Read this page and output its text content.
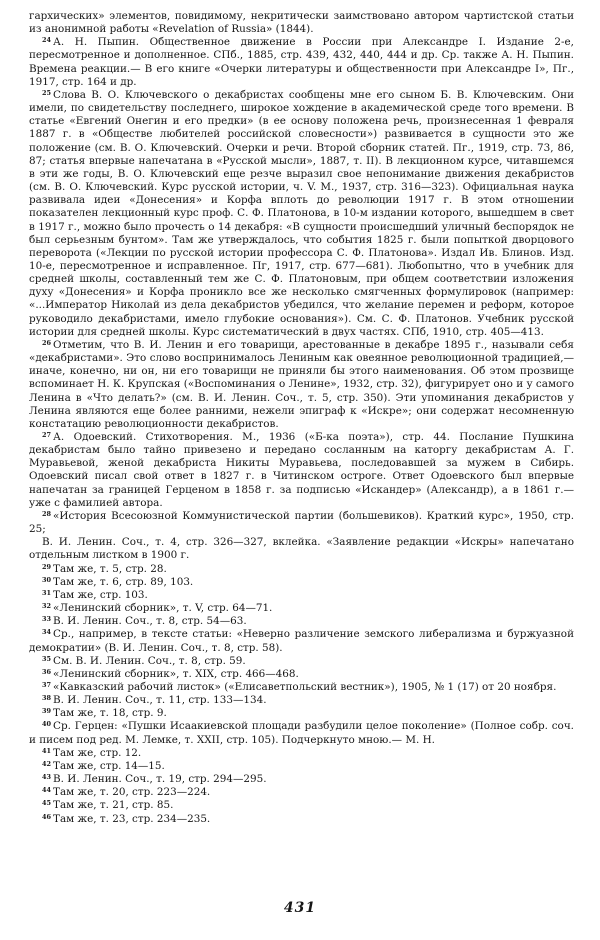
гархических» элементов, повидимому, некритически заимствовано автором чартистской статьи из анонимной работы «Revelation of Russia» (1844).

$^{24}$ А. Н. Пыпин. Общественное движение в России при Александре I. Издание 2-е, пересмотренное и дополненное. СПб., 1885, стр. 439, 432, 440, 444 и др. Ср. также А. Н. Пыпин. Времена реакции.— В его книге «Очерки литературы и общественности при Александре I», Пг., 1917, стр. 164 и др.

$^{25}$ Слова В. О. Ключевского о декабристах сообщены мне его сыном Б. В. Ключевским. Они имели, по свидетельству последнего, широкое хождение в академической среде того времени. В статье «Евгений Онегин и его предки» (в ее основу положена речь, произнесенная 1 февраля 1887 г. в «Обществе любителей российской словесности») развивается в сущности это же положение (см. В. О. Ключевский. Очерки и речи. Второй сборник статей. Пг., 1919, стр. 73, 86, 87; статья впервые напечатана в «Русской мысли», 1887, т. II). В лекционном курсе, читавшемся в эти же годы, В. О. Ключевский еще резче выразил свое непонимание движения декабристов (см. В. О. Ключевский. Курс русской истории, ч. V. М., 1937, стр. 316—323). Официальная наука развивала идеи «Донесения» и Корфа вплоть до революции 1917 г. В этом отношении показателен лекционный курс проф. С. Ф. Платонова, в 10-м издании которого, вышедшем в свет в 1917 г., можно было прочесть о 14 декабря: «В сущности происшедший уличный беспорядок не был серьезным бунтом». Там же утверждалось, что события 1825 г. были попыткой дворцового переворота («Лекции по русской истории профессора С. Ф. Платонова». Издал Ив. Блинов. Изд. 10-е, пересмотренное и исправленное. Пг, 1917, стр. 677—681). Любопытно, что в учебник для средней школы, составленный тем же С. Ф. Платоновым, при общем соответствии изложения духу «Донесения» и Корфа проникло все же несколько смягченных формулировок (например: «...Император Николай из дела декабристов убедился, что желание перемен и реформ, которое руководило декабристами, имело глубокие основания»). См. С. Ф. Платонов. Учебник русской истории для средней школы. Курс систематический в двух частях. СПб, 1910, стр. 405—413.

$^{26}$ Отметим, что В. И. Ленин и его товарищи, арестованные в декабре 1895 г., называли себя «декабристами». Это слово воспринималось Лениным как овеянное революционной традицией,— иначе, конечно, ни он, ни его товарищи не приняли бы этого наименования. Об этом прозвище вспоминает Н. К. Крупская («Воспоминания о Ленине», 1932, стр. 32), фигурирует оно и у самого Ленина в «Что делать?» (см. В. И. Ленин. Соч., т. 5, стр. 350). Эти упоминания декабристов у Ленина являются еще более ранними, нежели эпиграф к «Искре»; они содержат несомненную констатацию революционности декабристов.

$^{27}$ А. Одоевский. Стихотворения. М., 1936 («Б-ка поэта»), стр. 44. Послание Пушкина декабристам было тайно привезено и передано сосланным на каторгу декабристам А. Г. Муравьевой, женой декабриста Никиты Муравьева, последовавшей за мужем в Сибирь. Одоевский писал свой ответ в 1827 г. в Читинском остроге. Ответ Одоевского был впервые напечатан за границей Герценом в 1858 г. за подписью «Искандер» (Александр), а в 1861 г.— уже с фамилией автора.

$^{28}$ «История Всесоюзной Коммунистической партии (большевиков). Краткий курс», 1950, стр. 25;

В. И. Ленин. Соч., т. 4, стр. 326—327, вклейка. «Заявление редакции «Искры» напечатано отдельным листком в 1900 г.

$^{29}$ Там же, т. 5, стр. 28.

$^{30}$ Там же, т. 6, стр. 89, 103.

$^{31}$ Там же, стр. 103.

$^{32}$ «Ленинский сборник», т. V, стр. 64—71.

$^{33}$ В. И. Ленин. Соч., т. 8, стр. 54—63.

$^{34}$ Ср., например, в тексте статьи: «Неверно различение земского либерализма и буржуазной демократии» (В. И. Ленин. Соч., т. 8, стр. 58).

$^{35}$ См. В. И. Ленин. Соч., т. 8, стр. 59.

$^{36}$ «Ленинский сборник», т. XIX, стр. 466—468.

$^{37}$ «Кавказский рабочий листок» («Елисаветпольский вестник»), 1905, № 1 (17) от 20 ноября.

$^{38}$ В. И. Ленин. Соч., т. 11, стр. 133—134.

$^{39}$ Там же, т. 18, стр. 9.

$^{40}$ Ср. Герцен: «Пушки Исаакиевской площади разбудили целое поколение» (Полное собр. соч. и писем под ред. М. Лемке, т. XXII, стр. 105). Подчеркнуто мною.— М. Н.

$^{41}$ Там же, стр. 12.

$^{42}$ Там же, стр. 14—15.

$^{43}$ В. И. Ленин. Соч., т. 19, стр. 294—295.

$^{44}$ Там же, т. 20, стр. 223—224.

$^{45}$ Там же, т. 21, стр. 85.

$^{46}$ Там же, т. 23, стр. 234—235.

431
